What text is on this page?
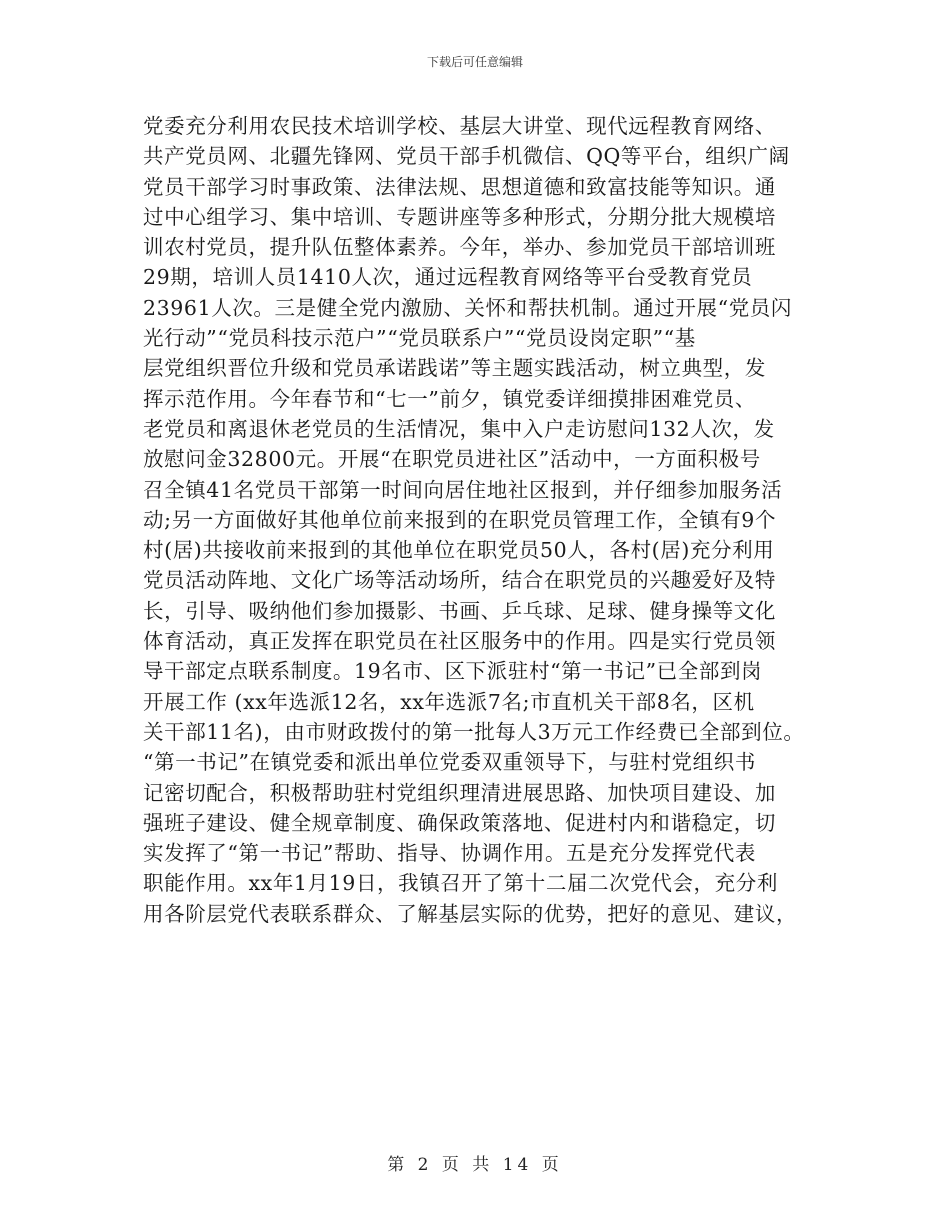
下载后可任意编辑
党委充分利用农民技术培训学校、基层大讲堂、现代远程教育网络、
共产党员网、北疆先锋网、党员干部手机微信、QQ等平台，组织广阔
党员干部学习时事政策、法律法规、思想道德和致富技能等知识。通
过中心组学习、集中培训、专题讲座等多种形式，分期分批大规模培
训农村党员，提升队伍整体素养。今年，举办、参加党员干部培训班
29期，培训人员1410人次，通过远程教育网络等平台受教育党员
23961人次。三是健全党内激励、关怀和帮扶机制。通过开展“党员闪
光行动”“党员科技示范户”“党员联系户”“党员设岗定职”“基
层党组织晋位升级和党员承诺践诺”等主题实践活动，树立典型，发
挥示范作用。今年春节和“七一”前夕，镇党委详细摸排困难党员、
老党员和离退休老党员的生活情况，集中入户走访慰问132人次，发
放慰问金32800元。开展“在职党员进社区”活动中，一方面积极号
召全镇41名党员干部第一时间向居住地社区报到，并仔细参加服务活
动;另一方面做好其他单位前来报到的在职党员管理工作，全镇有9个
村(居)共接收前来报到的其他单位在职党员50人，各村(居)充分利用
党员活动阵地、文化广场等活动场所，结合在职党员的兴趣爱好及特
长，引导、吸纳他们参加摄影、书画、乒乓球、足球、健身操等文化
体育活动，真正发挥在职党员在社区服务中的作用。四是实行党员领
导干部定点联系制度。19名市、区下派驻村“第一书记”已全部到岗
开展工作 (xx年选派12名，xx年选派7名;市直机关干部8名，区机
关干部11名)，由市财政拨付的第一批每人3万元工作经费已全部到位。
“第一书记”在镇党委和派出单位党委双重领导下，与驻村党组织书
记密切配合，积极帮助驻村党组织理清进展思路、加快项目建设、加
强班子建设、健全规章制度、确保政策落地、促进村内和谐稳定，切
实发挥了“第一书记”帮助、指导、协调作用。五是充分发挥党代表
职能作用。xx年1月19日，我镇召开了第十二届二次党代会，充分利
用各阶层党代表联系群众、了解基层实际的优势，把好的意见、建议，
第 2 页 共 14 页
